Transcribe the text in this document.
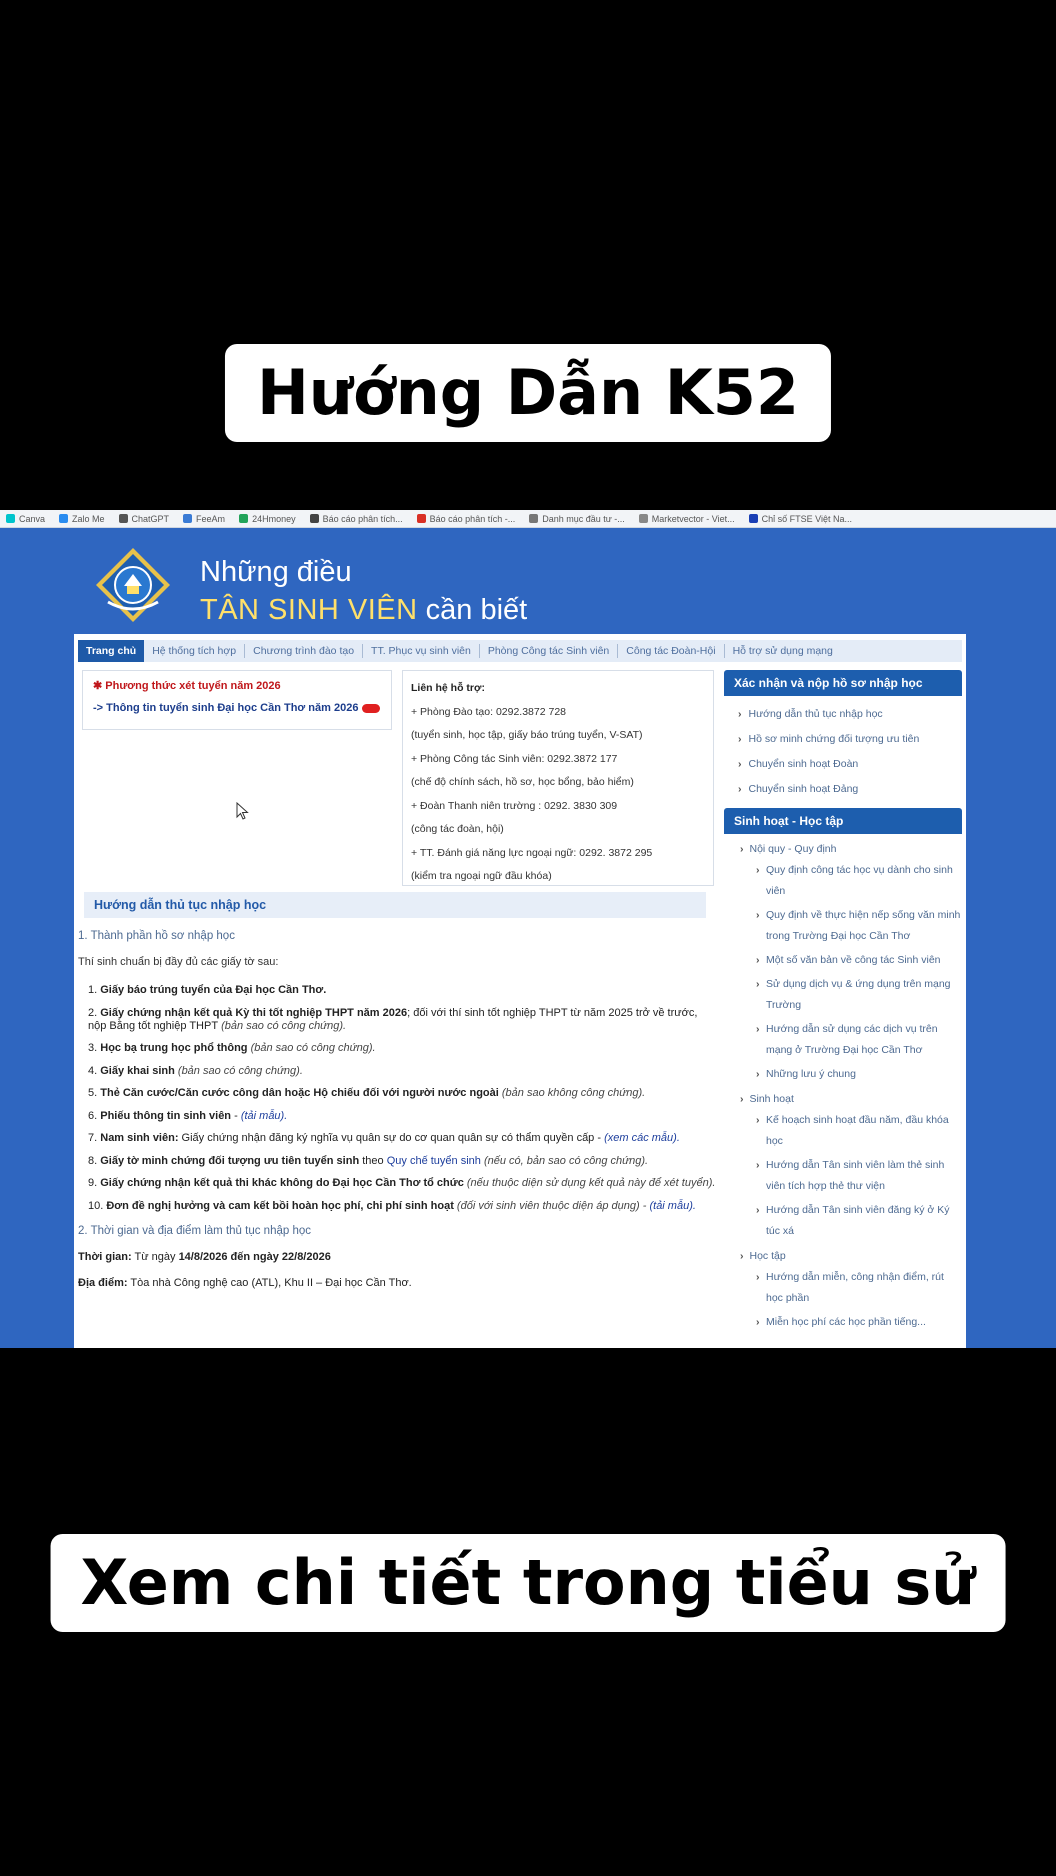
Hướng Dẫn K52
Canva	Zalo Me	ChatGPT	FeeAm	24Hmoney	Báo cáo phân tích...	Báo cáo phân tích -...	Danh mục đầu tư -...	Marketvector - Viet...	Chỉ số FTSE Việt Na...
Những điều
TÂN SINH VIÊN cần biết
Trang chủ	Hệ thống tích hợp	Chương trình đào tạo	TT. Phục vụ sinh viên	Phòng Công tác Sinh viên	Công tác Đoàn-Hội	Hỗ trợ sử dụng mạng
✱ Phương thức xét tuyển năm 2026
-> Thông tin tuyển sinh Đại học Cần Thơ năm 2026
Liên hệ hỗ trợ:
+ Phòng Đào tạo: 0292.3872 728
(tuyển sinh, học tập, giấy báo trúng tuyển, V-SAT)
+ Phòng Công tác Sinh viên: 0292.3872 177
(chế độ chính sách, hồ sơ, học bổng, bảo hiểm)
+ Đoàn Thanh niên trường : 0292. 3830 309
(công tác đoàn, hội)
+ TT. Đánh giá năng lực ngoại ngữ: 0292. 3872 295
(kiểm tra ngoại ngữ đầu khóa)
Hướng dẫn thủ tục nhập học
1. Thành phần hồ sơ nhập học
Thí sinh chuẩn bị đầy đủ các giấy tờ sau:
1. Giấy báo trúng tuyển của Đại học Cần Thơ.
2. Giấy chứng nhận kết quả Kỳ thi tốt nghiệp THPT năm 2026; đối với thí sinh tốt nghiệp THPT từ năm 2025 trở về trước, nộp Bằng tốt nghiệp THPT (bản sao có công chứng).
3. Học bạ trung học phổ thông (bản sao có công chứng).
4. Giấy khai sinh (bản sao có công chứng).
5. Thẻ Căn cước/Căn cước công dân hoặc Hộ chiếu đối với người nước ngoài (bản sao không công chứng).
6. Phiếu thông tin sinh viên - (tải mẫu).
7. Nam sinh viên: Giấy chứng nhận đăng ký nghĩa vụ quân sự do cơ quan quân sự có thẩm quyền cấp - (xem các mẫu).
8. Giấy tờ minh chứng đối tượng ưu tiên tuyển sinh theo Quy chế tuyển sinh (nếu có, bản sao có công chứng).
9. Giấy chứng nhận kết quả thi khác không do Đại học Cần Thơ tổ chức (nếu thuộc diện sử dụng kết quả này để xét tuyển).
10. Đơn đề nghị hưởng và cam kết bồi hoàn học phí, chi phí sinh hoạt (đối với sinh viên thuộc diện áp dụng) - (tải mẫu).
2. Thời gian và địa điểm làm thủ tục nhập học
Thời gian: Từ ngày 14/8/2026 đến ngày 22/8/2026
Địa điểm: Tòa nhà Công nghệ cao (ATL), Khu II – Đại học Cần Thơ.
Xác nhận và nộp hồ sơ nhập học
› Hướng dẫn thủ tục nhập học
› Hồ sơ minh chứng đối tượng ưu tiên
› Chuyển sinh hoạt Đoàn
› Chuyển sinh hoạt Đảng
Sinh hoạt - Học tập
› Nội quy - Quy định
› Quy định công tác học vụ dành cho sinh viên
› Quy định về thực hiện nếp sống văn minh trong Trường Đại học Cần Thơ
› Một số văn bản về công tác Sinh viên
› Sử dụng dịch vụ & ứng dụng trên mạng Trường
› Hướng dẫn sử dụng các dịch vụ trên mạng ở Trường Đại học Cần Thơ
› Những lưu ý chung
› Sinh hoạt
› Kế hoạch sinh hoạt đầu năm, đầu khóa học
› Hướng dẫn Tân sinh viên làm thẻ sinh viên tích hợp thẻ thư viện
› Hướng dẫn Tân sinh viên đăng ký ở Ký túc xá
› Học tập
› Hướng dẫn miễn, công nhận điểm, rút học phần
› Miễn học phí các học phần tiếng...
Xem chi tiết trong tiểu sử
